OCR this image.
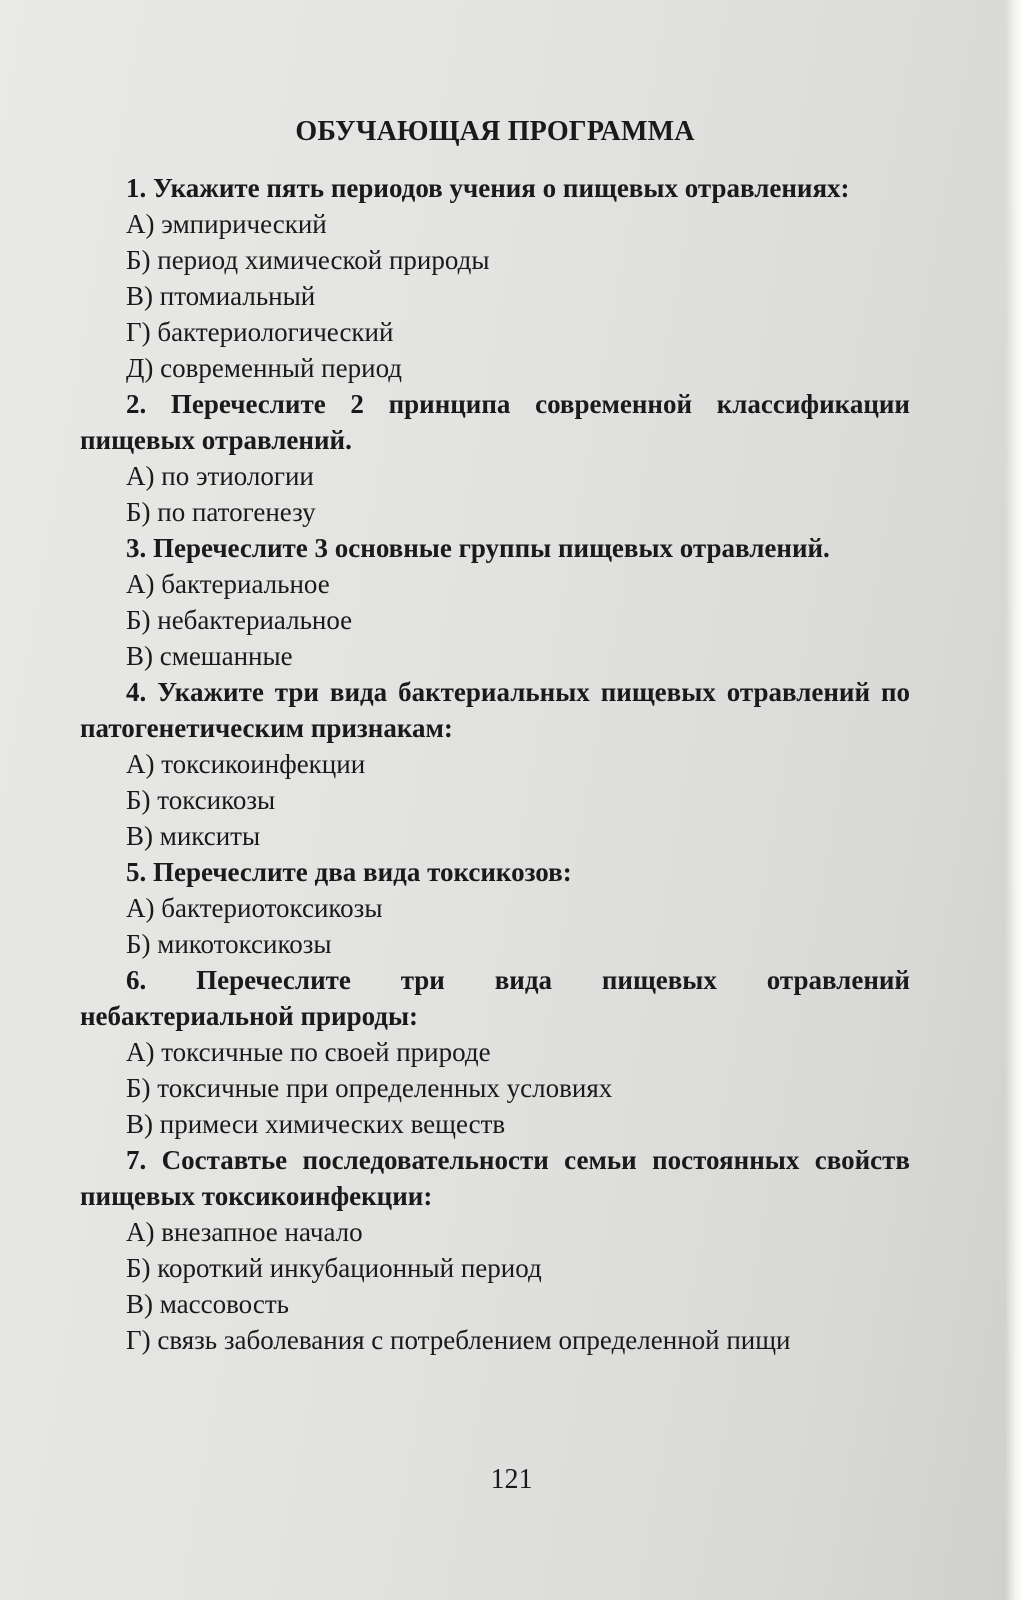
ОБУЧАЮЩАЯ ПРОГРАММА

1. Укажите пять периодов учения о пищевых отравлениях:

А) эмпирический
Б) период химической природы
В) птомиальный
Г) бактериологический
Д) современный период

2. Перечеслите 2 принципа современной классификации пищевых отравлений.

А) по этиологии
Б) по патогенезу

3. Перечеслите 3 основные группы пищевых отравлений.

А) бактериальное
Б) небактериальное
В) смешанные

4. Укажите три вида бактериальных пищевых отравлений по патогенетическим признакам:

А) токсикоинфекции
Б) токсикозы
В) микситы

5. Перечеслите два вида токсикозов:

А) бактериотоксикозы
Б) микотоксикозы

6. Перечеслите три вида пищевых отравлений небактериальной природы:

А) токсичные по своей природе
Б) токсичные при определенных условиях
В) примеси химических веществ

7. Составтье последовательности семьи постоянных свойств пищевых токсикоинфекции:

А) внезапное начало
Б) короткий инкубационный период
В) массовость
Г) связь заболевания с потреблением определенной пищи
121
